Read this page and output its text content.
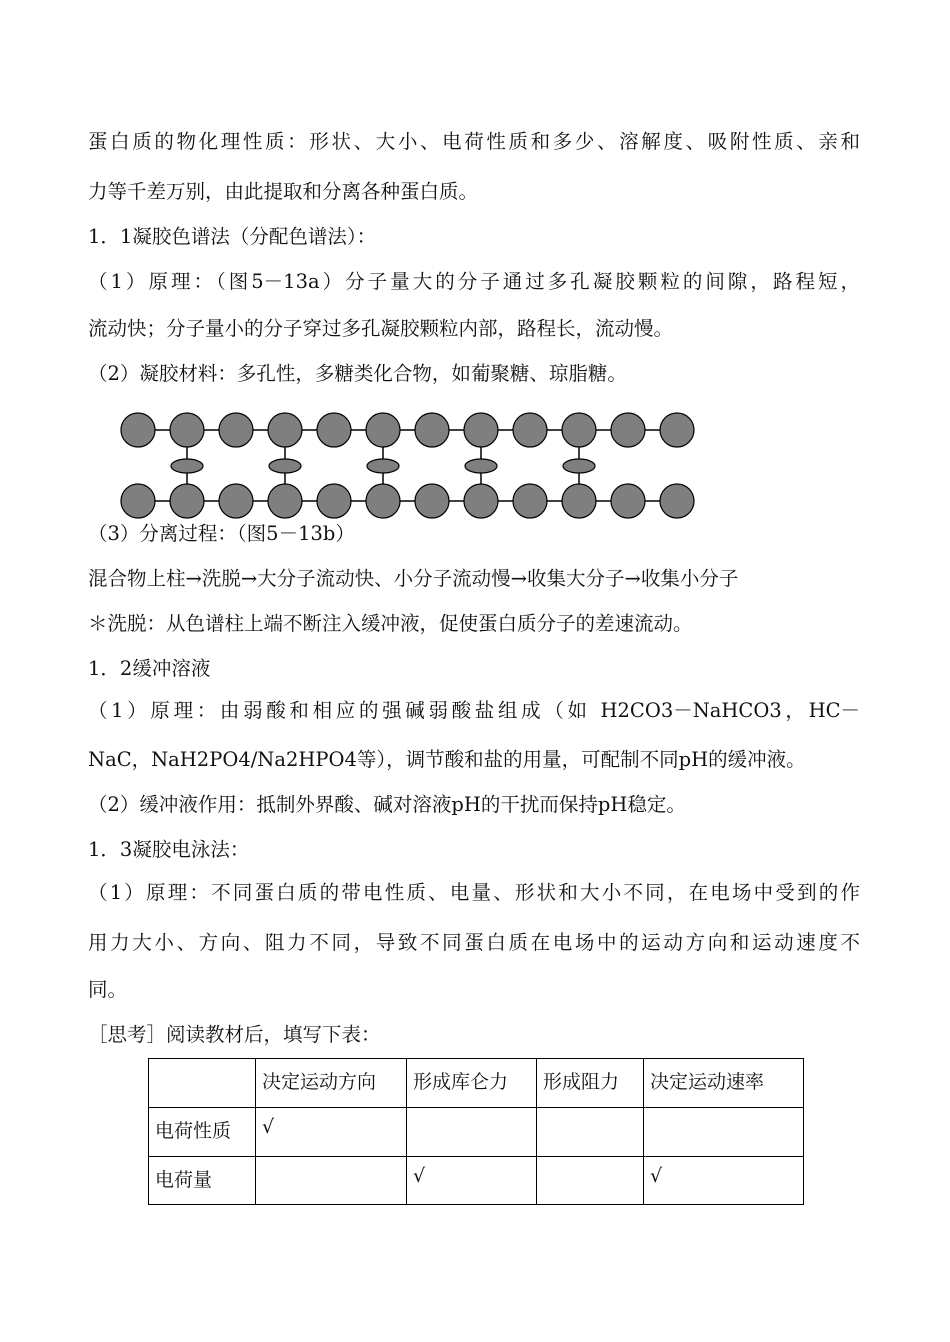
蛋白质的物化理性质：形状、大小、电荷性质和多少、溶解度、吸附性质、亲和
力等千差万别，由此提取和分离各种蛋白质。
1．1凝胶色谱法（分配色谱法）：
（1）原理：（图5－13a）分子量大的分子通过多孔凝胶颗粒的间隙，路程短，
流动快；分子量小的分子穿过多孔凝胶颗粒内部，路程长，流动慢。
（2）凝胶材料：多孔性，多糖类化合物，如葡聚糖、琼脂糖。
（3）分离过程：（图5－13b）
混合物上柱→洗脱→大分子流动快、小分子流动慢→收集大分子→收集小分子
＊洗脱：从色谱柱上端不断注入缓冲液，促使蛋白质分子的差速流动。
1．2缓冲溶液
（1）原理：由弱酸和相应的强碱弱酸盐组成（如 H2CO3－NaHCO3，HC－
NaC，NaH2PO4/Na2HPO4等），调节酸和盐的用量，可配制不同pH的缓冲液。
（2）缓冲液作用：抵制外界酸、碱对溶液pH的干扰而保持pH稳定。
1．3凝胶电泳法：
（1）原理：不同蛋白质的带电性质、电量、形状和大小不同，在电场中受到的作
用力大小、方向、阻力不同，导致不同蛋白质在电场中的运动方向和运动速度不
同。
［思考］阅读教材后，填写下表：
	决定运动方向	形成库仑力	形成阻力	决定运动速率
电荷性质	√			
电荷量		√		√
